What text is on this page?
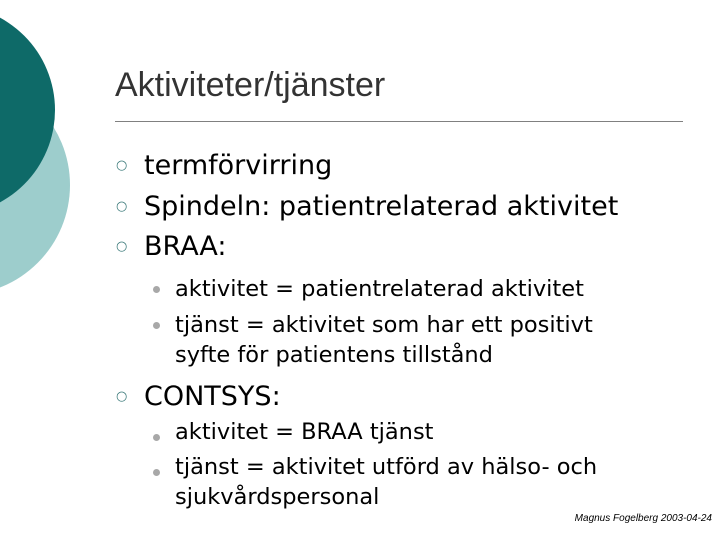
Aktiviteter/tjänster
○ termförvirring
○ Spindeln: patientrelaterad aktivitet
○ BRAA:
aktivitet = patientrelaterad aktivitet
tjänst = aktivitet som har ett positivt
syfte för patientens tillstånd
○ CONTSYS:
aktivitet = BRAA tjänst
tjänst = aktivitet utförd av hälso- och
sjukvårdspersonal
Magnus Fogelberg 2003-04-24
